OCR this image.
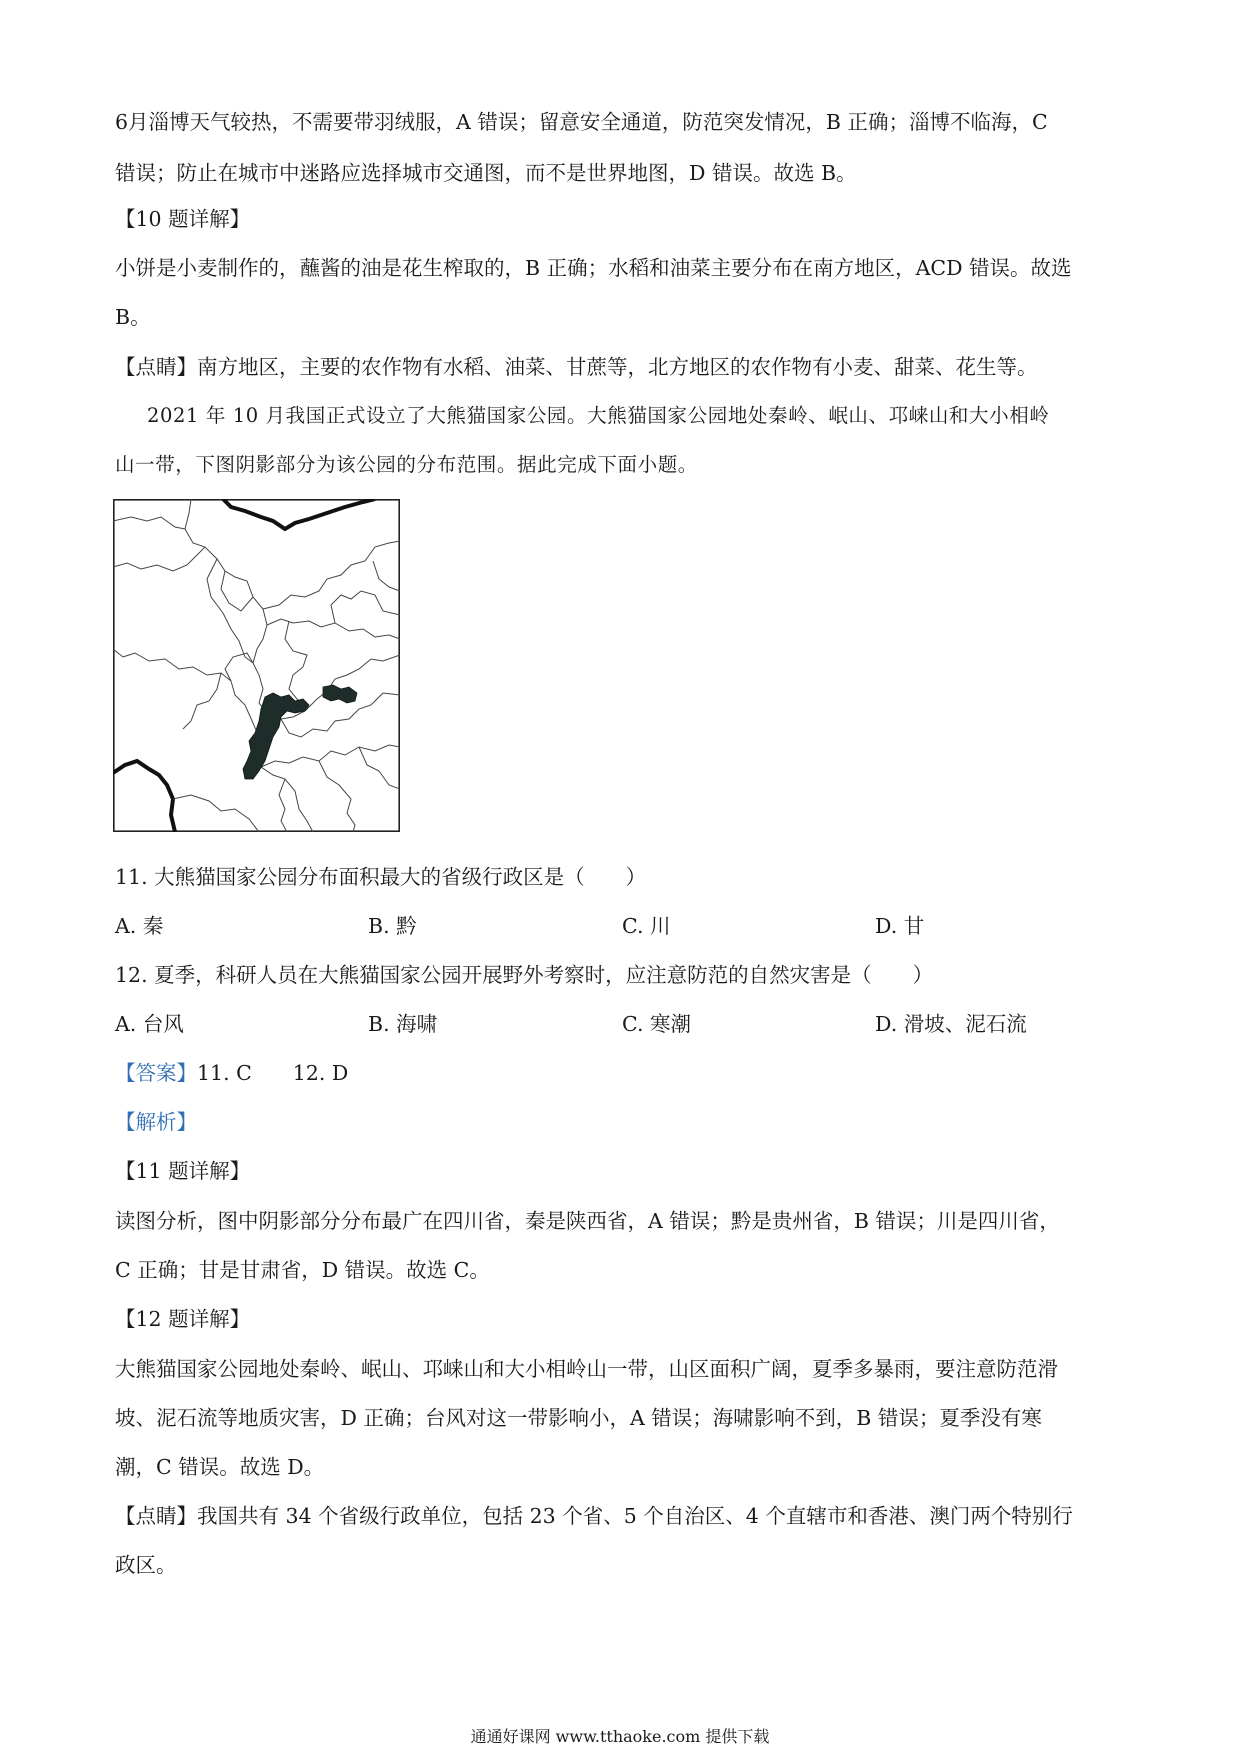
6月淄博天气较热，不需要带羽绒服，A 错误；留意安全通道，防范突发情况，B 正确；淄博不临海，C
错误；防止在城市中迷路应选择城市交通图，而不是世界地图，D 错误。故选 B。
【10 题详解】
小饼是小麦制作的，蘸酱的油是花生榨取的，B 正确；水稻和油菜主要分布在南方地区，ACD 错误。故选
B。
【点睛】南方地区，主要的农作物有水稻、油菜、甘蔗等，北方地区的农作物有小麦、甜菜、花生等。
2021 年 10 月我国正式设立了大熊猫国家公园。大熊猫国家公园地处秦岭、岷山、邛崃山和大小相岭
山一带，下图阴影部分为该公园的分布范围。据此完成下面小题。
11. 大熊猫国家公园分布面积最大的省级行政区是（　　）
A. 秦	B. 黔	C. 川	D. 甘
12. 夏季，科研人员在大熊猫国家公园开展野外考察时，应注意防范的自然灾害是（　　）
A. 台风	B. 海啸	C. 寒潮	D. 滑坡、泥石流
【答案】11. C　　12. D
【解析】
【11 题详解】
读图分析，图中阴影部分分布最广在四川省，秦是陕西省，A 错误；黔是贵州省，B 错误；川是四川省，
C 正确；甘是甘肃省，D 错误。故选 C。
【12 题详解】
大熊猫国家公园地处秦岭、岷山、邛崃山和大小相岭山一带，山区面积广阔，夏季多暴雨，要注意防范滑
坡、泥石流等地质灾害，D 正确；台风对这一带影响小，A 错误；海啸影响不到，B 错误；夏季没有寒
潮，C 错误。故选 D。
【点睛】我国共有 34 个省级行政单位，包括 23 个省、5 个自治区、4 个直辖市和香港、澳门两个特别行
政区。
通通好课网 www.tthaoke.com 提供下载
